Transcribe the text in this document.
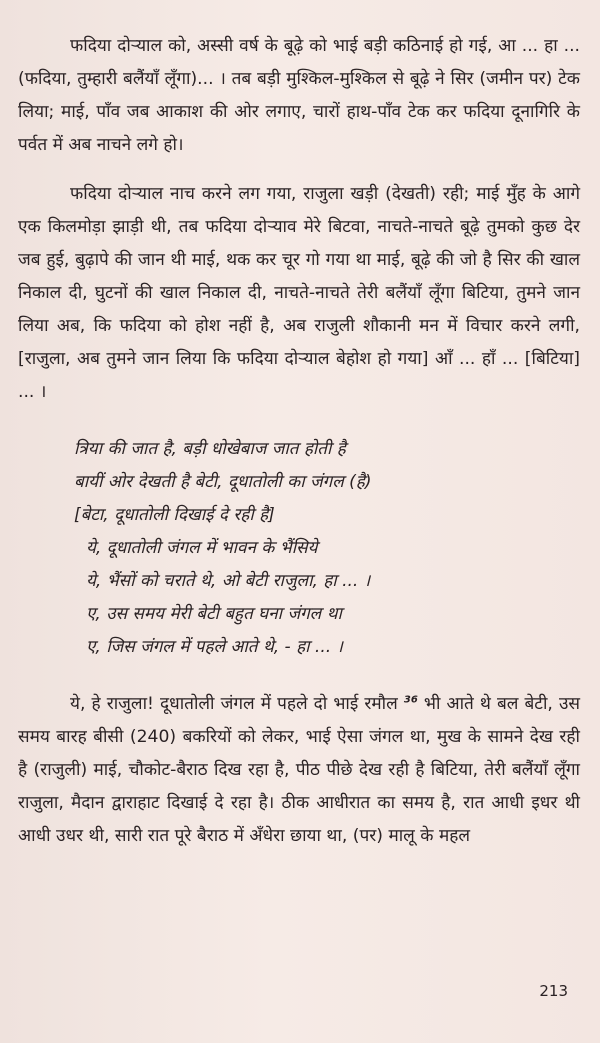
फदिया दोर्‍याल को, अस्सी वर्ष के बूढ़े को भाई बड़ी कठिनाई हो गई, आ ... हा ...(फदिया, तुम्हारी बलैंयाँ लूँगा)... । तब बड़ी मुश्किल-मुश्किल से बूढ़े ने सिर (जमीन पर) टेक लिया; माई, पाँव जब आकाश की ओर लगाए, चारों हाथ-पाँव टेक कर फदिया दूनागिरि के पर्वत में अब नाचने लगे हो।

फदिया दोर्‍याल नाच करने लग गया, राजुला खड़ी (देखती) रही; माई मुँह के आगे एक किलमोड़ा झाड़ी थी, तब फदिया दोर्‍याव मेरे बिटवा, नाचते-नाचते बूढ़े तुमको कुछ देर जब हुई, बुढ़ापे की जान थी माई, थक कर चूर गो गया था माई, बूढ़े की जो है सिर की खाल निकाल दी, घुटनों की खाल निकाल दी, नाचते-नाचते तेरी बलैंयाँ लूँगा बिटिया, तुमने जान लिया अब, कि फदिया को होश नहीं है, अब राजुली शौकानी मन में विचार करने लगी, [राजुला, अब तुमने जान लिया कि फदिया दोर्‍याल बेहोश हो गया] आँ ... हाँ ... [बिटिया] ... ।

त्रिया की जात है, बड़ी धोखेबाज जात होती है
बायीं ओर देखती है बेटी, दूधातोली का जंगल (है)
[बेटा, दूधातोली दिखाई दे रही है]
ये, दूधातोली जंगल में भावन के भैंसिये
ये, भैंसों को चराते थे, ओ बेटी राजुला, हा ... ।
ए, उस समय मेरी बेटी बहुत घना जंगल था
ए, जिस जंगल में पहले आते थे, - हा ... ।

ये, हे राजुला! दूधातोली जंगल में पहले दो भाई रमौल $^{36}$ भी आते थे बल बेटी, उस समय बारह बीसी (240) बकरियों को लेकर, भाई ऐसा जंगल था, मुख के सामने देख रही है (राजुली) माई, चौकोट-बैराठ दिख रहा है, पीठ पीछे देख रही है बिटिया, तेरी बलैंयाँ लूँगा राजुला, मैदान द्वाराहाट दिखाई दे रहा है। ठीक आधीरात का समय है, रात आधी इधर थी आधी उधर थी, सारी रात पूरे बैराठ में अँधेरा छाया था, (पर) मालू के महल

213
